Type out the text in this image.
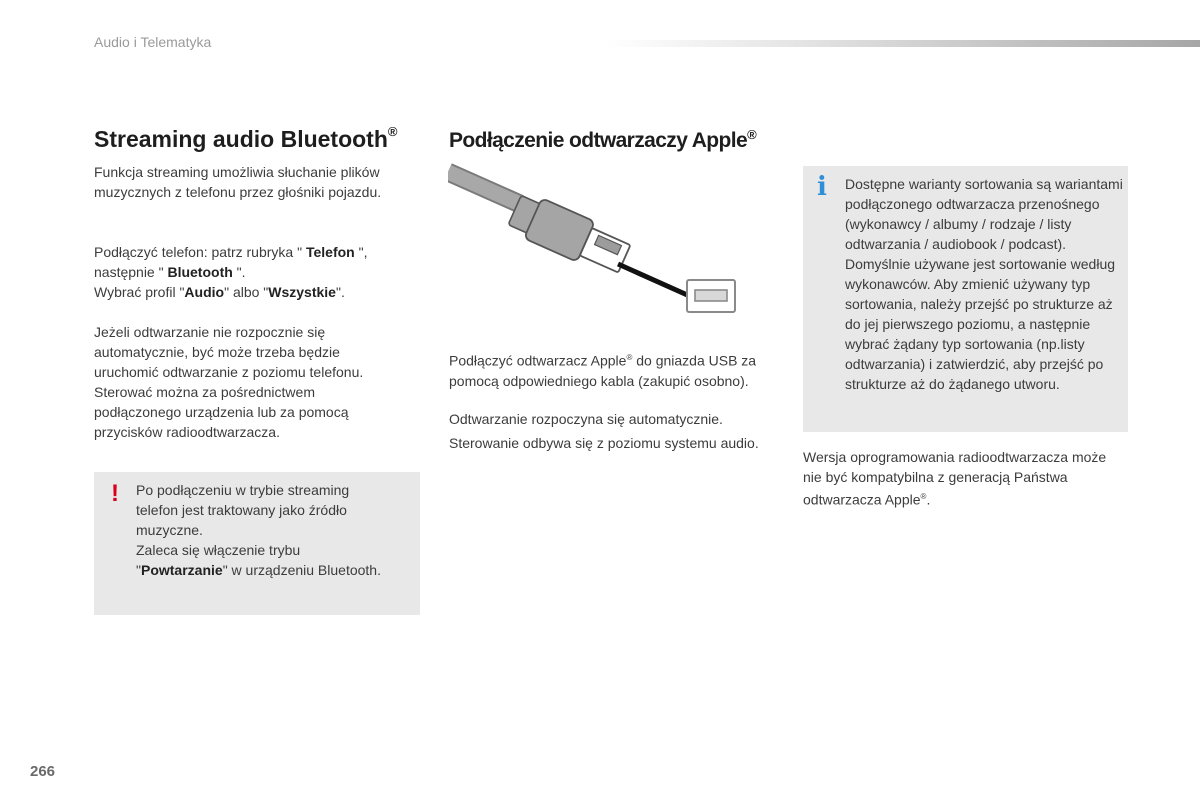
Audio i Telematyka
Streaming audio Bluetooth®

Funkcja streaming umożliwia słuchanie plików muzycznych z telefonu przez głośniki pojazdu.

Podłączyć telefon: patrz rubryka " Telefon ", następnie " Bluetooth ".
Wybrać profil "Audio" albo "Wszystkie".

Jeżeli odtwarzanie nie rozpocznie się automatycznie, być może trzeba będzie uruchomić odtwarzanie z poziomu telefonu. Sterować można za pośrednictwem podłączonego urządzenia lub za pomocą przycisków radioodtwarzacza.

! Po podłączeniu w trybie streaming telefon jest traktowany jako źródło muzyczne.
Zaleca się włączenie trybu "Powtarzanie" w urządzeniu Bluetooth.

Podłączenie odtwarzaczy Apple®

Podłączyć odtwarzacz Apple® do gniazda USB za pomocą odpowiedniego kabla (zakupić osobno).

Odtwarzanie rozpoczyna się automatycznie.

Sterowanie odbywa się z poziomu systemu audio.

i Dostępne warianty sortowania są wariantami podłączonego odtwarzacza przenośnego (wykonawcy / albumy / rodzaje / listy odtwarzania / audiobook / podcast).
Domyślnie używane jest sortowanie według wykonawców. Aby zmienić używany typ sortowania, należy przejść po strukturze aż do jej pierwszego poziomu, a następnie wybrać żądany typ sortowania (np.listy odtwarzania) i zatwierdzić, aby przejść po strukturze aż do żądanego utworu.

Wersja oprogramowania radioodtwarzacza może nie być kompatybilna z generacją Państwa odtwarzacza Apple®.

266
